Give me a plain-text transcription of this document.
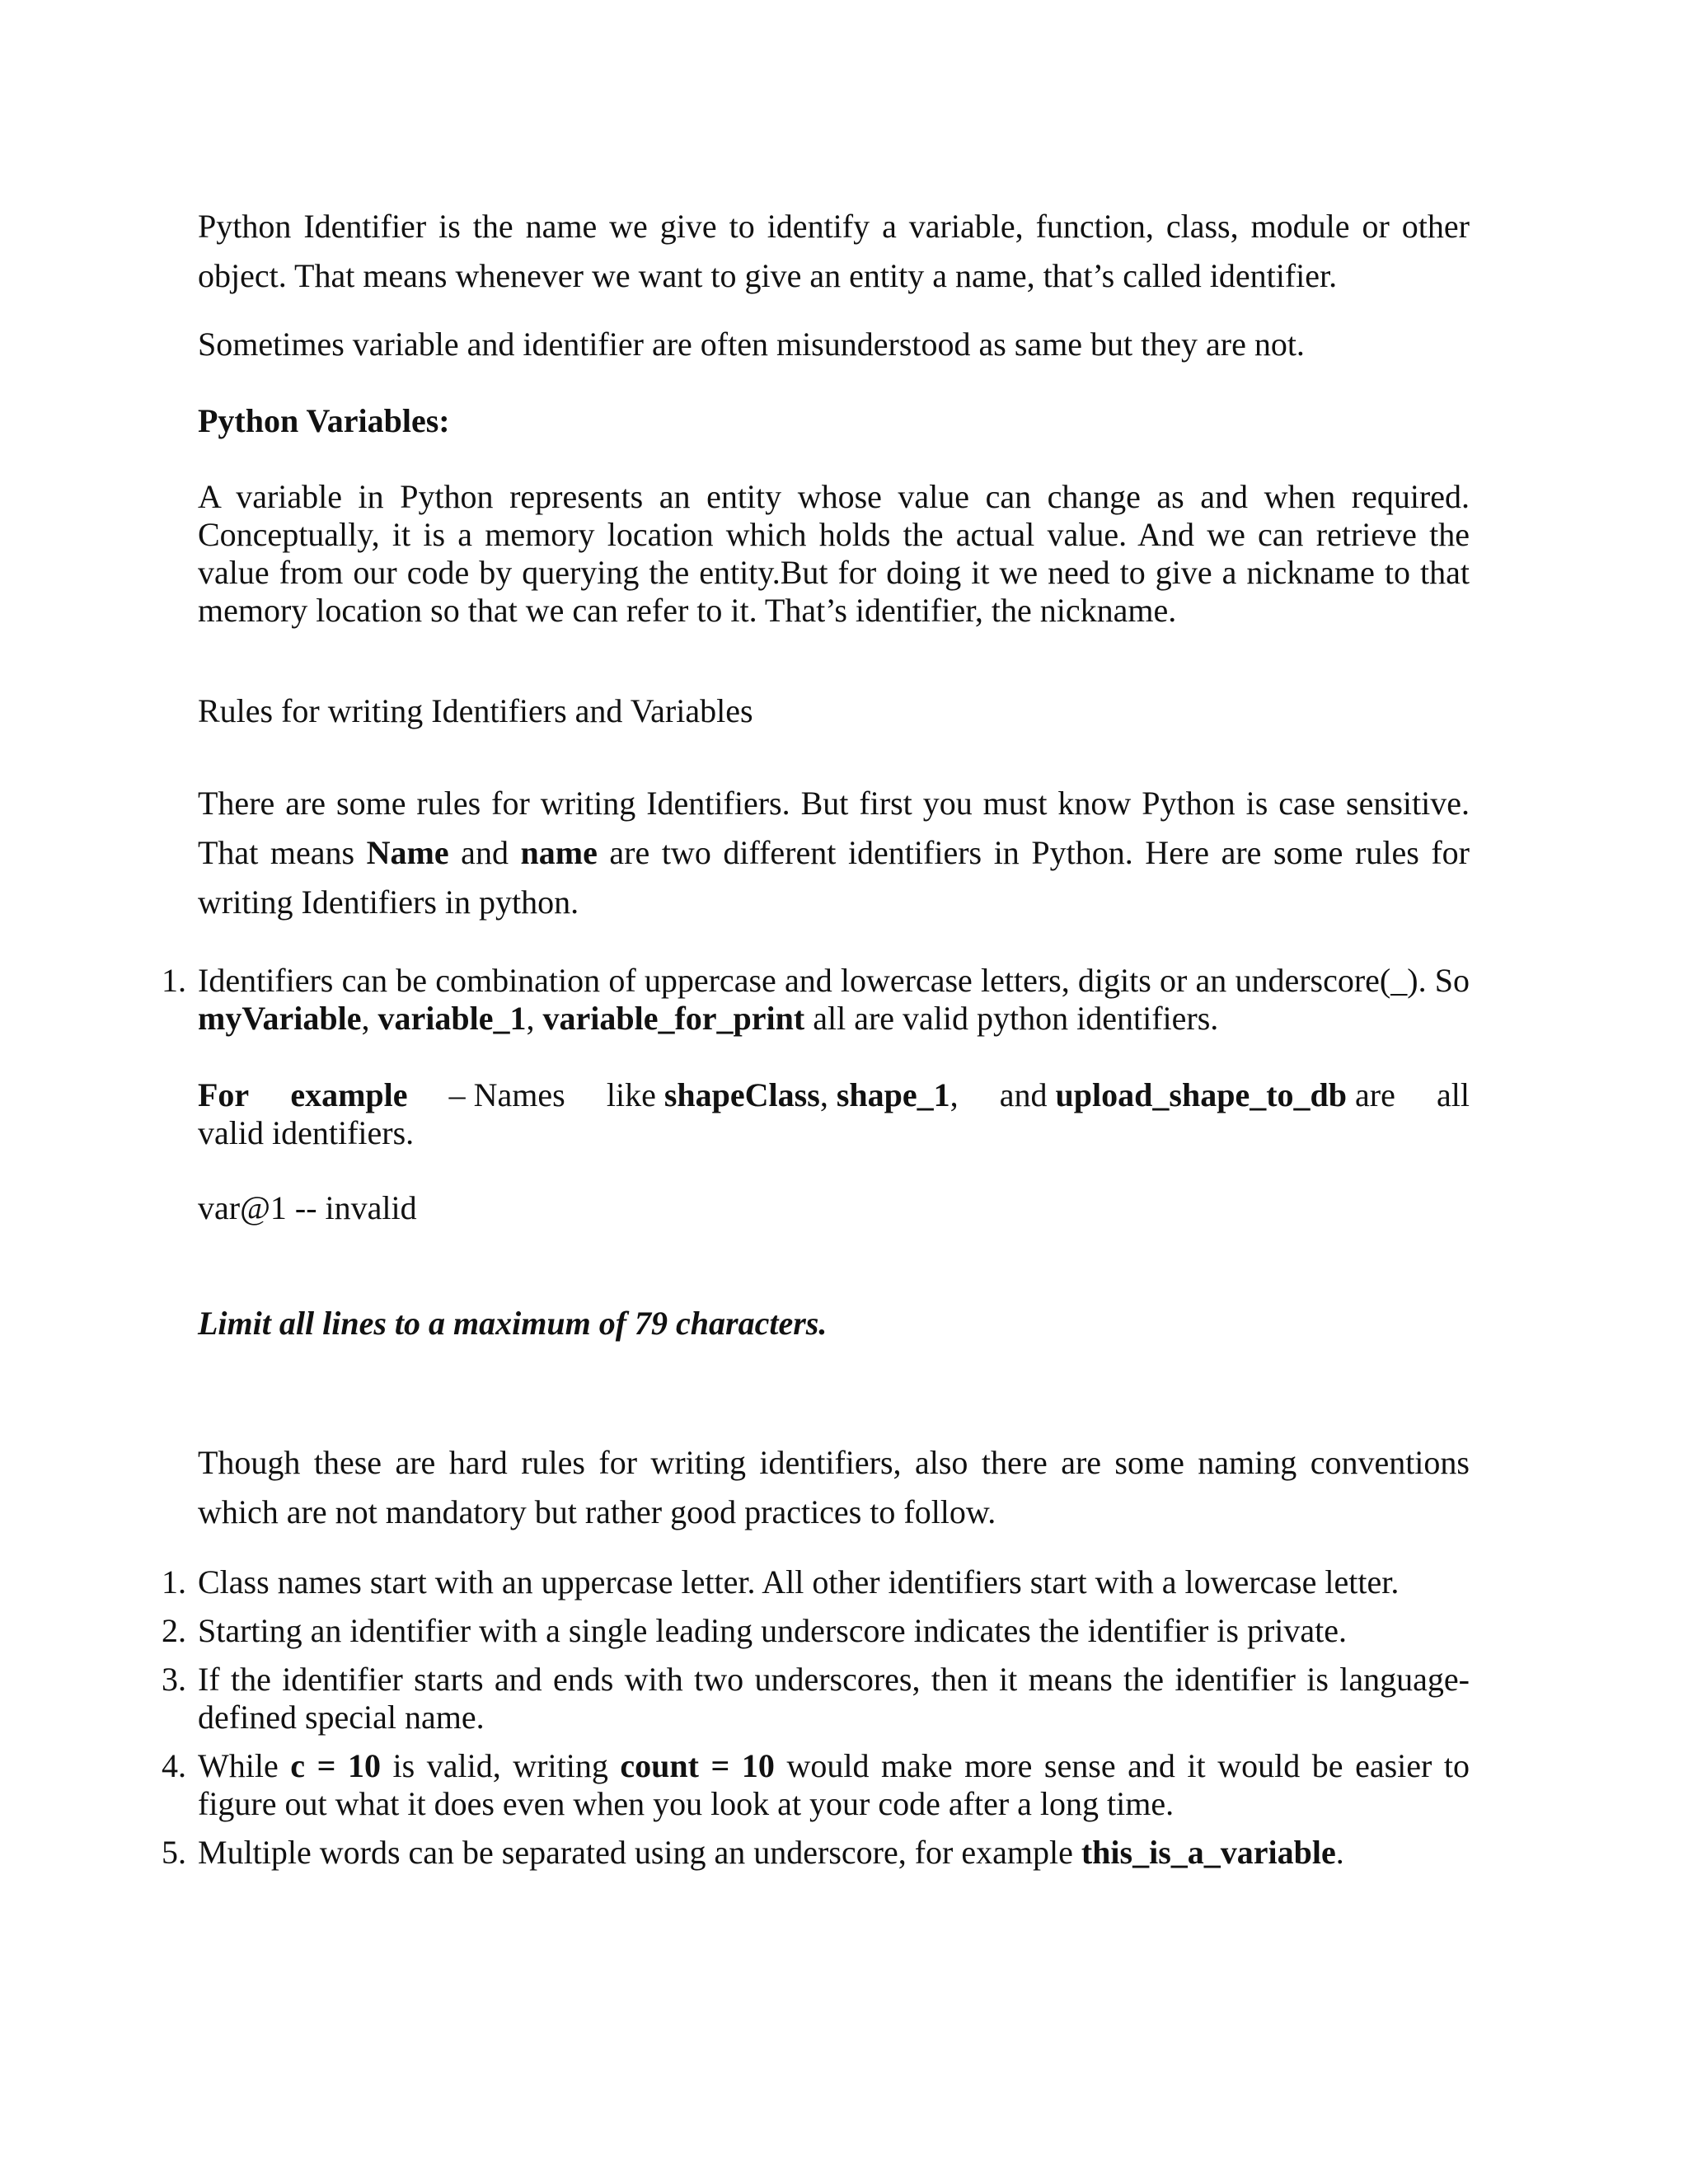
Python Identifier is the name we give to identify a variable, function, class, module or other object. That means whenever we want to give an entity a name, that’s called identifier.

Sometimes variable and identifier are often misunderstood as same but they are not.

Python Variables:

A variable in Python represents an entity whose value can change as and when required. Conceptually, it is a memory location which holds the actual value. And we can retrieve the value from our code by querying the entity.But for doing it we need to give a nickname to that memory location so that we can refer to it. That’s identifier, the nickname.

Rules for writing Identifiers and Variables

There are some rules for writing Identifiers. But first you must know Python is case sensitive. That means Name and name are two different identifiers in Python. Here are some rules for writing Identifiers in python.

1. Identifiers can be combination of uppercase and lowercase letters, digits or an underscore(_). So myVariable, variable_1, variable_for_print all are valid python identifiers.
For example – Names like shapeClass, shape_1, and upload_shape_to_db are all
valid identifiers.

var@1 -- invalid

Limit all lines to a maximum of 79 characters.

Though these are hard rules for writing identifiers, also there are some naming conventions which are not mandatory but rather good practices to follow.

1. Class names start with an uppercase letter. All other identifiers start with a lowercase letter.
2. Starting an identifier with a single leading underscore indicates the identifier is private.
3. If the identifier starts and ends with two underscores, then it means the identifier is language-defined special name.
4. While c = 10 is valid, writing count = 10 would make more sense and it would be easier to figure out what it does even when you look at your code after a long time.
5. Multiple words can be separated using an underscore, for example this_is_a_variable.
